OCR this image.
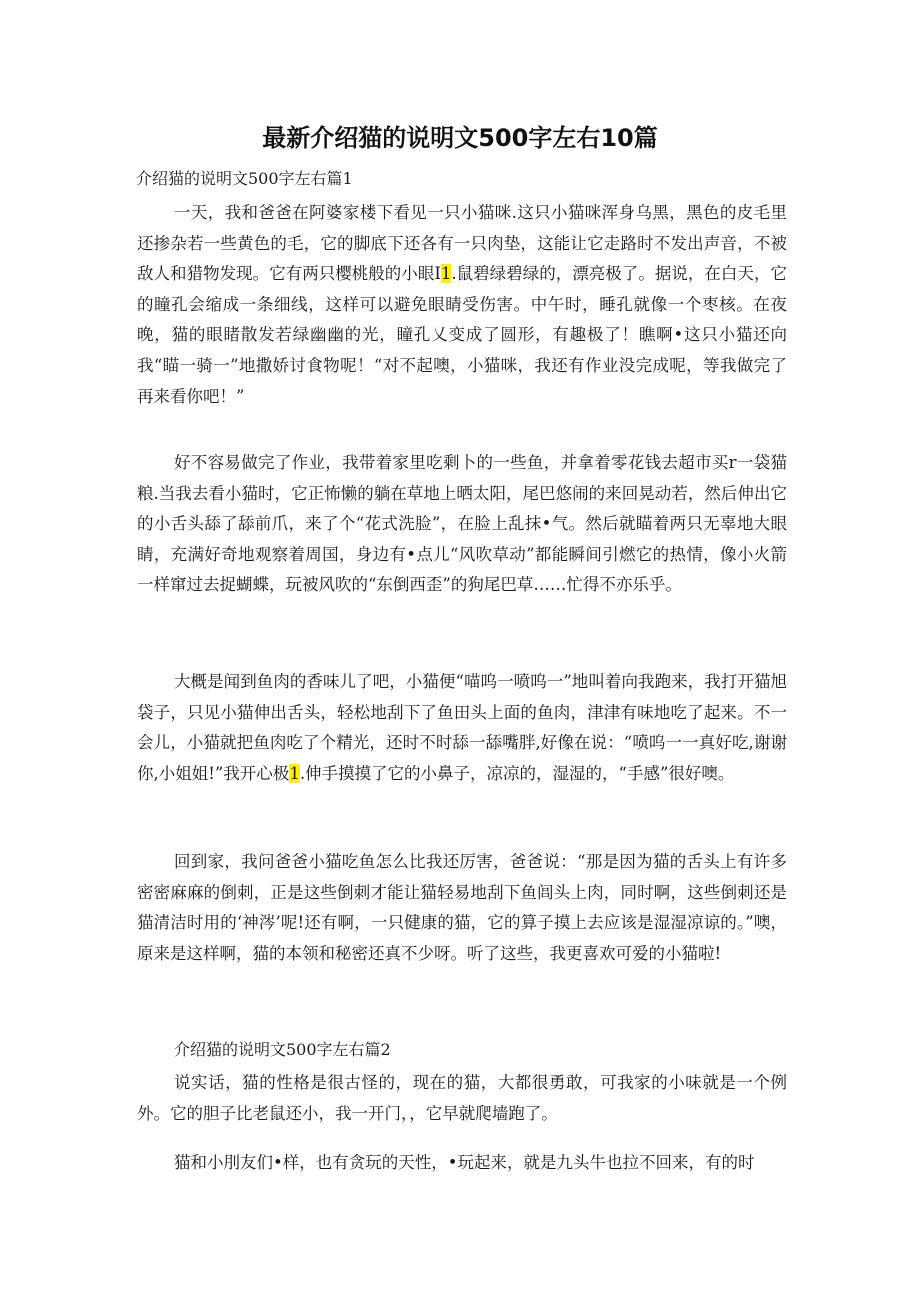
最新介绍猫的说明文500字左右10篇

介绍猫的说明文500字左右篇1

一天，我和爸爸在阿婆家楼下看见一只小猫咪.这只小猫咪浑身乌黑，黑色的皮毛里还掺杂若一些黄色的毛，它的脚底下还各有一只肉垫，这能让它走路时不发出声音，不被敌人和猎物发现。它有两只樱桃般的小眼I1.鼠碧绿碧绿的，漂亮极了。据说，在白天，它的瞳孔会缩成一条细线，这样可以避免眼睛受伤害。中午时，睡孔就像一个枣核。在夜晚，猫的眼睹散发若绿幽幽的光，瞳孔乂变成了圆形，有趣极了！瞧啊•这只小猫还向我“瞄一骑一”地撒娇讨食物呢！“对不起噢，小猫咪，我还有作业没完成呢，等我做完了再来看你吧！”

好不容易做完了作业，我带着家里吃剩卜的一些鱼，并拿着零花钱去超市买r一袋猫粮.当我去看小猫时，它正怖懒的躺在草地上晒太阳，尾巴悠闹的来回晃动若，然后伸出它的小舌头舔了舔前爪，来了个“花式洗脸”，在脸上乱抹•气。然后就瞄着两只无辜地大眼睛，充满好奇地观察着周国，身边有•点儿“风吹草动”都能瞬间引燃它的热情，像小火箭一样窜过去捉蝴蝶，玩被风吹的“东倒西歪”的狗尾巴草……忙得不亦乐乎。

大概是闻到鱼肉的香味儿了吧，小猫便“喵呜一喷呜一”地叫着向我跑来，我打开猫旭袋子，只见小猫伸出舌头，轻松地刮下了鱼田头上面的鱼肉，津津有味地吃了起来。不一会儿，小猫就把鱼肉吃了个精光，还时不时舔一舔嘴胖,好像在说：“喷呜一一真好吃,谢谢你,小姐姐!”我开心极1.伸手摸摸了它的小鼻子，凉凉的，湿湿的，“手感”很好噢。

回到家，我问爸爸小猫吃鱼怎么比我还厉害，爸爸说：“那是因为猫的舌头上有许多密密麻麻的倒刺，正是这些倒刺才能让猫轻易地刮下鱼闾头上肉，同时啊，这些倒刺还是猫清洁时用的‘神涔’呢!还有啊，一只健康的猫，它的算子摸上去应该是湿湿凉谅的。”噢，原来是这样啊，猫的本领和秘密还真不少呀。听了这些，我更喜欢可爱的小猫啦!

介绍猫的说明文500字左右篇2

说实话，猫的性格是很古怪的，现在的猫，大都很勇敢，可我家的小味就是一个例外。它的胆子比老鼠还小，我一开门，，它早就爬墙跑了。

猫和小刖友们•样，也有贪玩的天性，•玩起来，就是九头牛也拉不回来，有的时
